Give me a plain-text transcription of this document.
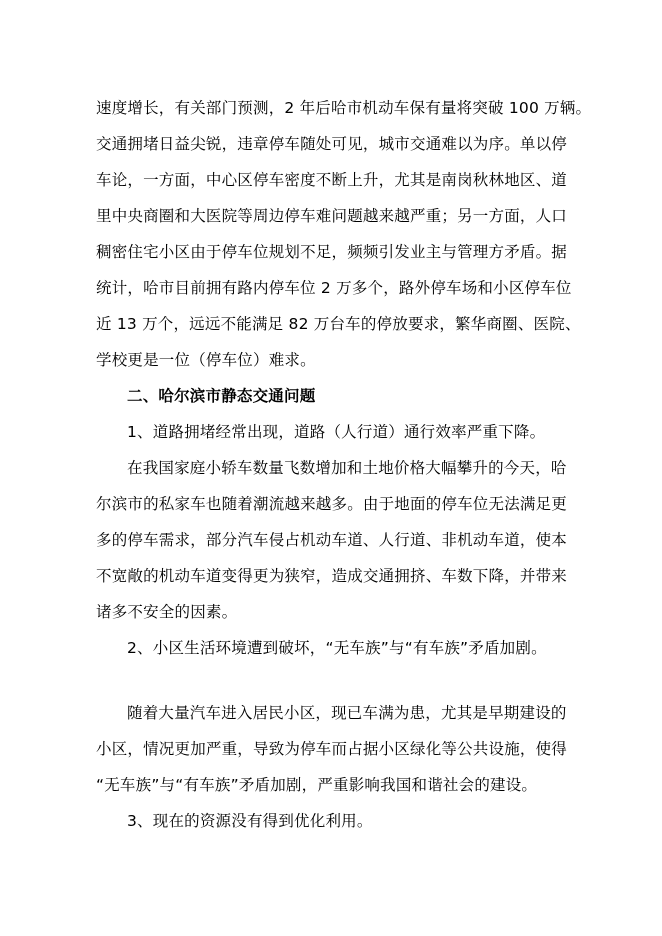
速度增长，有关部门预测，2 年后哈市机动车保有量将突破 100 万辆。
交通拥堵日益尖锐，违章停车随处可见，城市交通难以为序。单以停
车论，一方面，中心区停车密度不断上升，尤其是南岗秋林地区、道
里中央商圈和大医院等周边停车难问题越来越严重；另一方面，人口
稠密住宅小区由于停车位规划不足，频频引发业主与管理方矛盾。据
统计，哈市目前拥有路内停车位 2 万多个，路外停车场和小区停车位
近 13 万个，远远不能满足 82 万台车的停放要求，繁华商圈、医院、
学校更是一位（停车位）难求。
二、哈尔滨市静态交通问题
1、道路拥堵经常出现，道路（人行道）通行效率严重下降。
在我国家庭小轿车数量飞数增加和土地价格大幅攀升的今天，哈
尔滨市的私家车也随着潮流越来越多。由于地面的停车位无法满足更
多的停车需求，部分汽车侵占机动车道、人行道、非机动车道，使本
不宽敞的机动车道变得更为狭窄，造成交通拥挤、车数下降，并带来
诸多不安全的因素。
2、小区生活环境遭到破坏，“无车族”与“有车族”矛盾加剧。
随着大量汽车进入居民小区，现已车满为患，尤其是早期建设的
小区，情况更加严重，导致为停车而占据小区绿化等公共设施，使得
“无车族”与“有车族”矛盾加剧，严重影响我国和谐社会的建设。
3、现在的资源没有得到优化利用。
